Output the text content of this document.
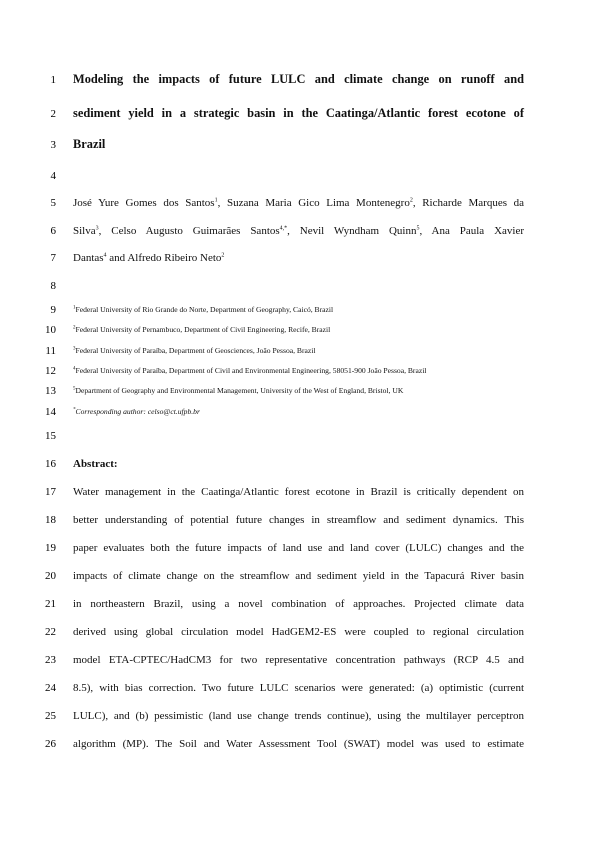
1
2
3
4
5
6
7
8
9
10
11
12
13
14
15
16
17
18
19
20
21
22
23
24
25
26
Modeling the impacts of future LULC and climate change on runoff and
sediment yield in a strategic basin in the Caatinga/Atlantic forest ecotone of
Brazil
José Yure Gomes dos Santos$^1$, Suzana Maria Gico Lima Montenegro$^2$, Richarde Marques da
Silva$^3$, Celso Augusto Guimarães Santos$^{4,*}$, Nevil Wyndham Quinn$^5$, Ana Paula Xavier
Dantas$^4$ and Alfredo Ribeiro Neto$^2$
$^1$Federal University of Rio Grande do Norte, Department of Geography, Caicó, Brazil
$^2$Federal University of Pernambuco, Department of Civil Engineering, Recife, Brazil
$^3$Federal University of Paraíba, Department of Geosciences, João Pessoa, Brazil
$^4$Federal University of Paraíba, Department of Civil and Environmental Engineering, 58051-900 João Pessoa, Brazil
$^5$Department of Geography and Environmental Management, University of the West of England, Bristol, UK
*Corresponding author: celso@ct.ufpb.br
Abstract:
Water management in the Caatinga/Atlantic forest ecotone in Brazil is critically dependent on
better understanding of potential future changes in streamflow and sediment dynamics. This
paper evaluates both the future impacts of land use and land cover (LULC) changes and the
impacts of climate change on the streamflow and sediment yield in the Tapacurá River basin
in northeastern Brazil, using a novel combination of approaches. Projected climate data
derived using global circulation model HadGEM2-ES were coupled to regional circulation
model ETA-CPTEC/HadCM3 for two representative concentration pathways (RCP 4.5 and
8.5), with bias correction. Two future LULC scenarios were generated: (a) optimistic (current
LULC), and (b) pessimistic (land use change trends continue), using the multilayer perceptron
algorithm (MP). The Soil and Water Assessment Tool (SWAT) model was used to estimate
